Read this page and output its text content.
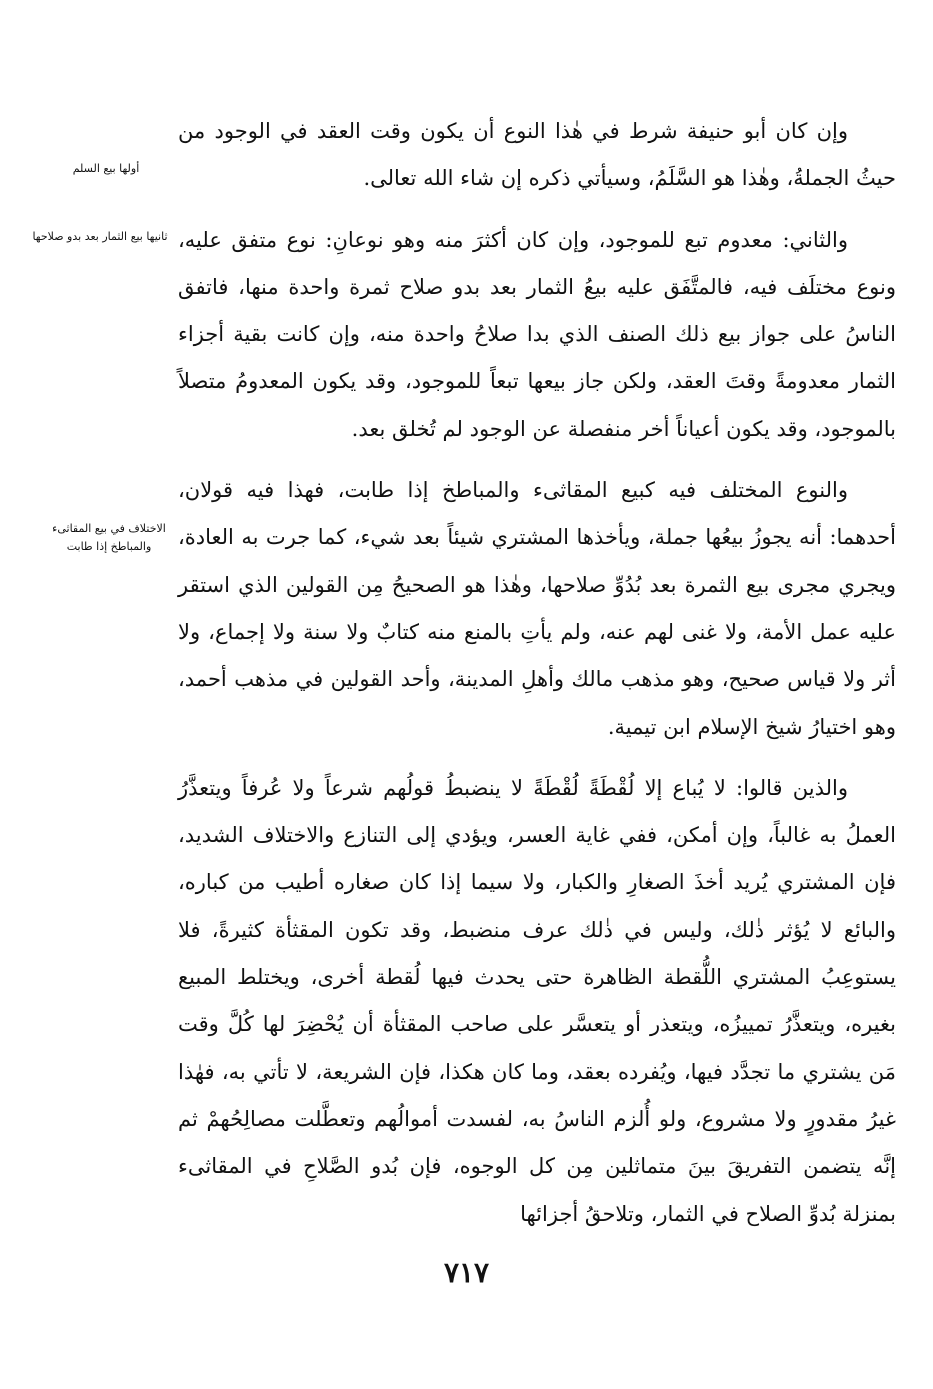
أولها بيع السلم
ثانيها بيع الثمار بعد بدو صلاحها
الاختلاف في بيع المقاثىء والمباطخ إذا طابت

وإن كان أبو حنيفة شرط في هٰذا النوع أن يكون وقت العقد في الوجود من حيثُ الجملةُ، وهٰذا هو السَّلَمُ، وسيأتي ذكره إن شاء الله تعالى.

والثاني: معدوم تبع للموجود، وإن كان أكثرَ منه وهو نوعانِ: نوع متفق عليه، ونوع مختلَف فيه، فالمتَّفَق عليه بيعُ الثمار بعد بدو صلاح ثمرة واحدة منها، فاتفق الناسُ على جواز بيع ذلك الصنف الذي بدا صلاحُ واحدة منه، وإن كانت بقية أجزاء الثمار معدومةً وقتَ العقد، ولكن جاز بيعها تبعاً للموجود، وقد يكون المعدومُ متصلاً بالموجود، وقد يكون أعياناً أخر منفصلة عن الوجود لم تُخلق بعد.

والنوع المختلف فيه كبيع المقاثىء والمباطخ إذا طابت، فهذا فيه قولان، أحدهما: أنه يجوزُ بيعُها جملة، ويأخذها المشتري شيئاً بعد شيء، كما جرت به العادة، ويجري مجرى بيع الثمرة بعد بُدُوِّ صلاحها، وهٰذا هو الصحيحُ مِن القولين الذي استقر عليه عمل الأمة، ولا غنى لهم عنه، ولم يأتِ بالمنع منه كتابٌ ولا سنة ولا إجماع، ولا أثر ولا قياس صحيح، وهو مذهب مالك وأهلِ المدينة، وأحد القولين في مذهب أحمد، وهو اختيارُ شيخ الإسلام ابن تيمية.

والذين قالوا: لا يُباع إلا لُقْطَةً لُقْطَةً لا ينضبطُ قولُهم شرعاً ولا عُرفاً ويتعذَّرُ العملُ به غالباً، وإن أمكن، ففي غاية العسر، ويؤدي إلى التنازع والاختلاف الشديد، فإن المشتري يُريد أخذَ الصغارِ والكبار، ولا سيما إذا كان صغاره أطيب من كباره، والبائع لا يُؤثر ذٰلك، وليس في ذٰلك عرف منضبط، وقد تكون المقثأة كثيرةً، فلا يستوعِبُ المشتري اللُّقطة الظاهرة حتى يحدث فيها لُقطة أخرى، ويختلط المبيع بغيره، ويتعذَّرُ تمييزُه، ويتعذر أو يتعسَّر على صاحب المقثأة أن يُحْضِرَ لها كُلَّ وقت مَن يشتري ما تجدَّد فيها، ويُفرده بعقد، وما كان هكذا، فإن الشريعة، لا تأتي به، فهٰذا غيرُ مقدورٍ ولا مشروع، ولو أُلزم الناسُ به، لفسدت أموالُهم وتعطَّلت مصالِحُهمْ ثم إنَّه يتضمن التفريقَ بينَ متماثلين مِن كل الوجوه، فإن بُدو الصَّلاحِ في المقاثىء بمنزلة بُدوِّ الصلاح في الثمار، وتلاحقُ أجزائها

٧١٧
